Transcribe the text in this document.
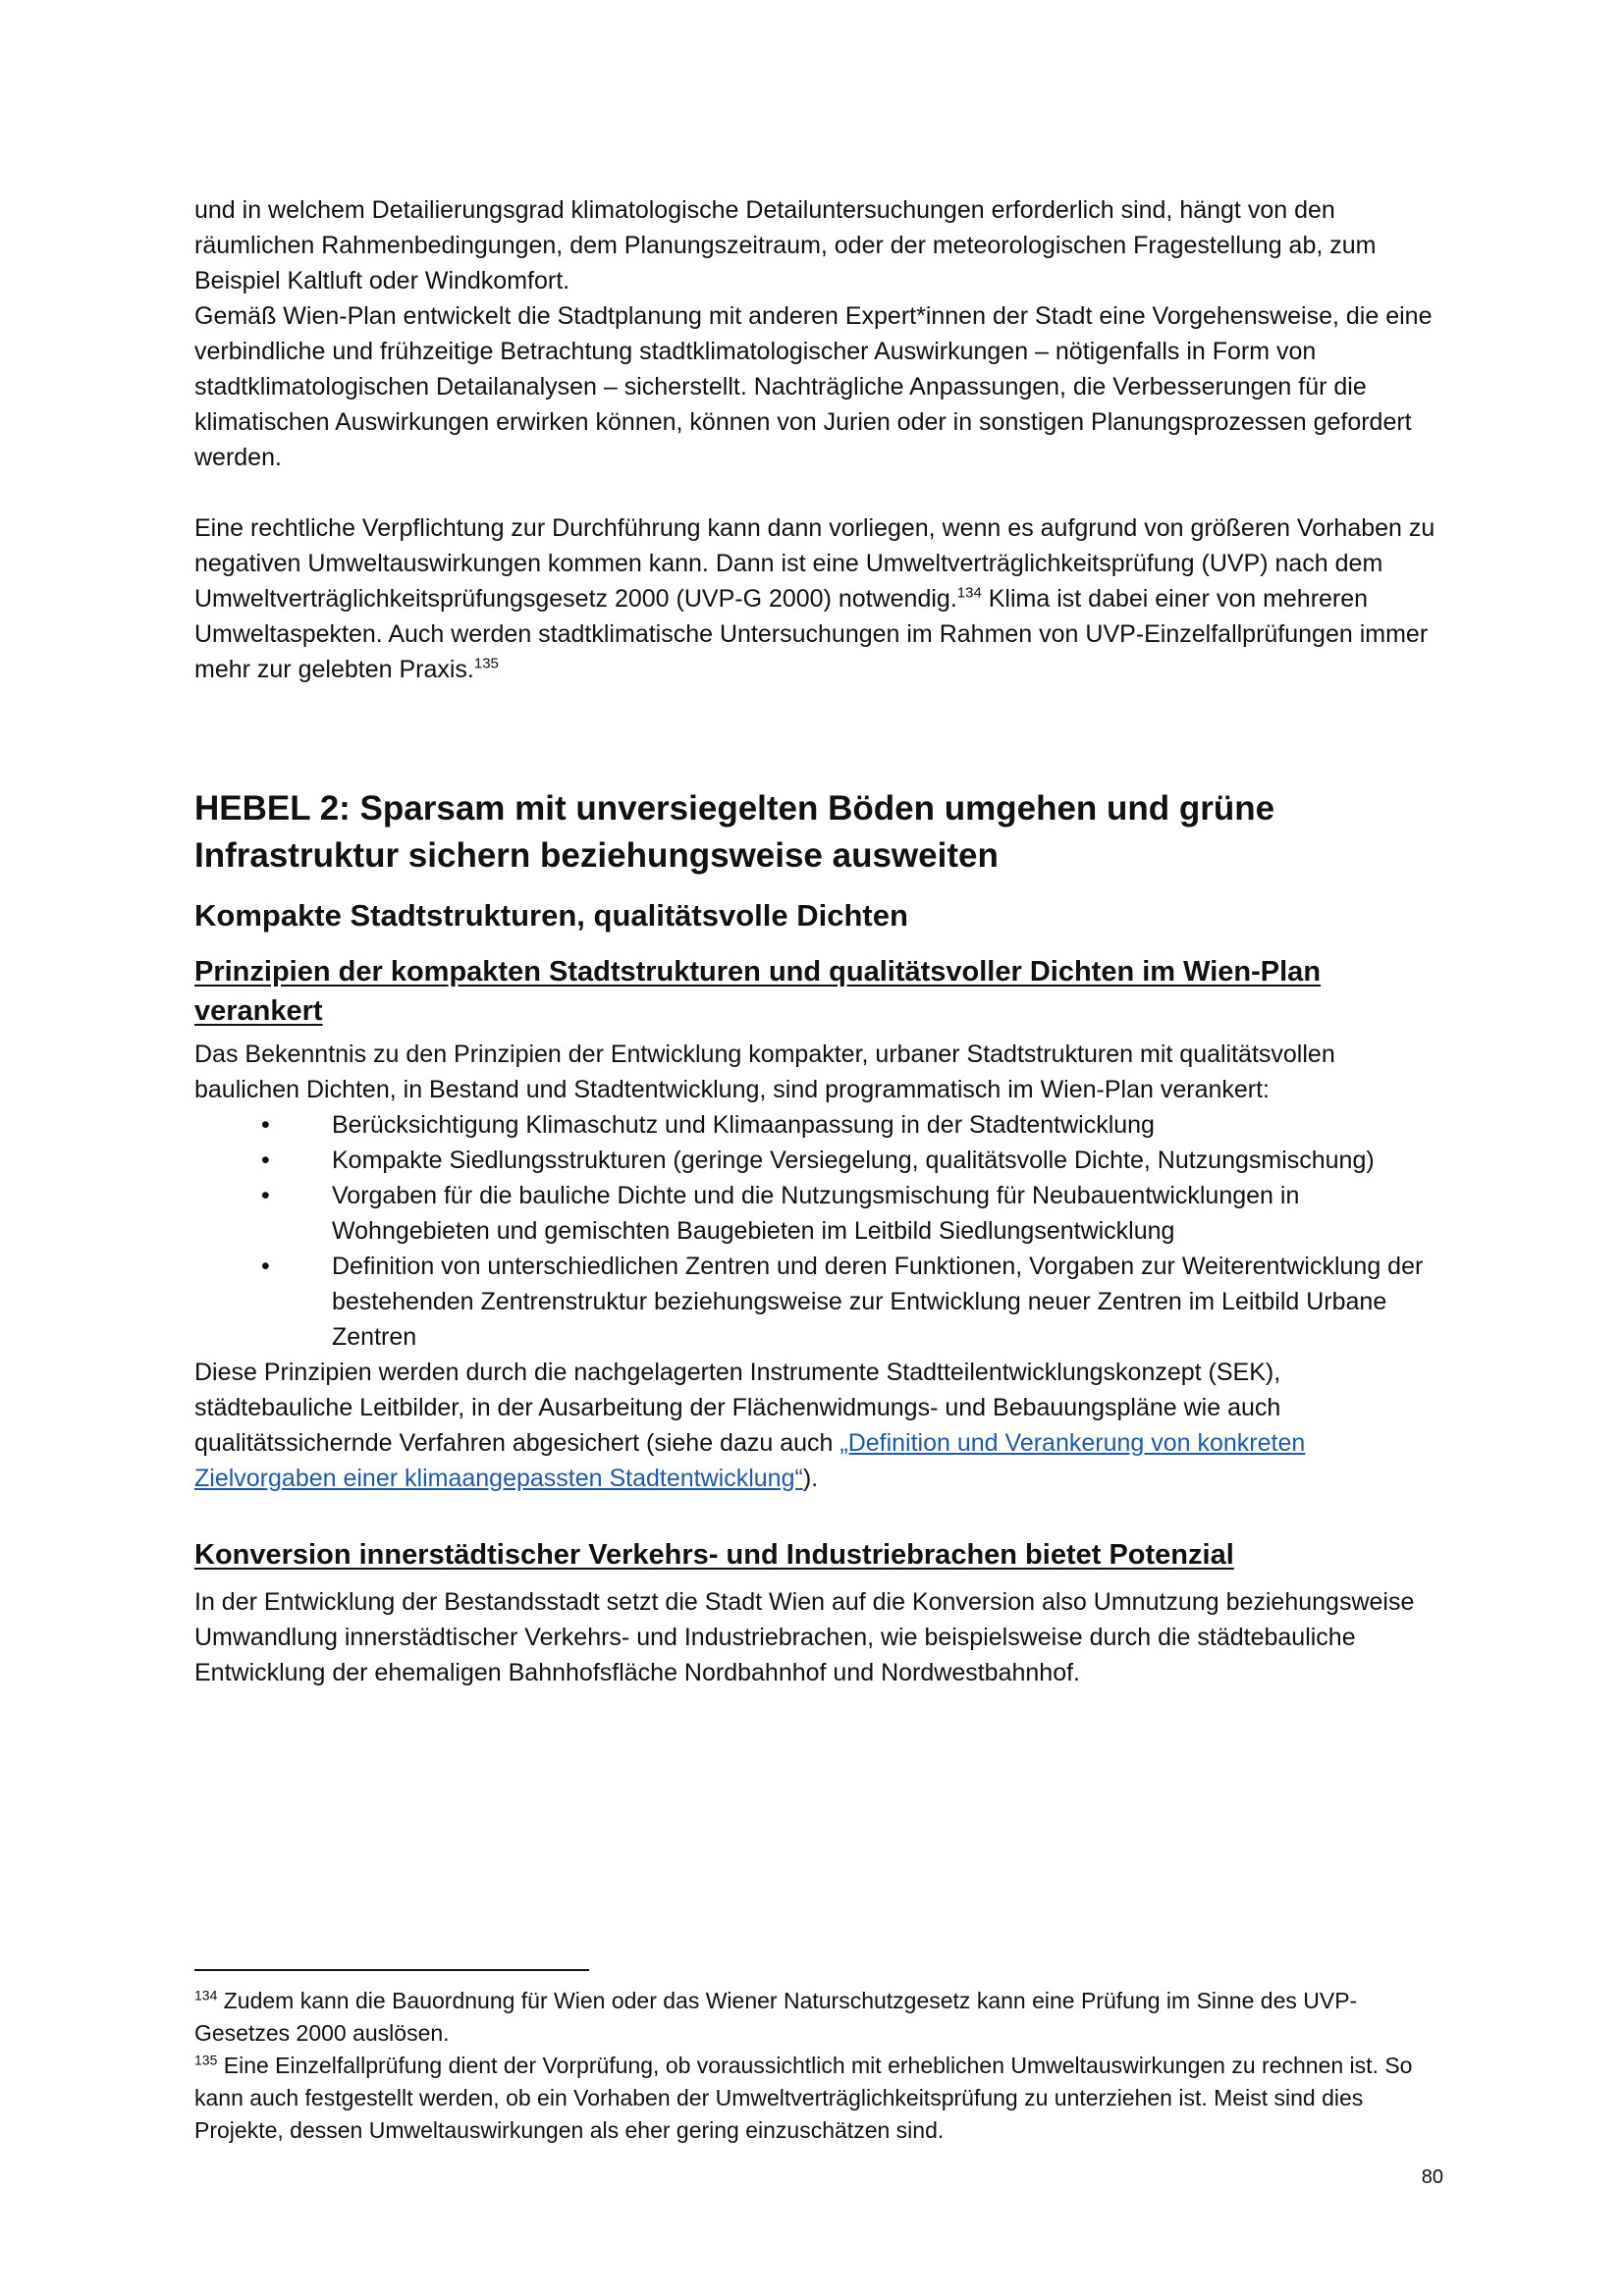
und in welchem Detailierungsgrad klimatologische Detailuntersuchungen erforderlich sind, hängt von den räumlichen Rahmenbedingungen, dem Planungszeitraum, oder der meteorologischen Fragestellung ab, zum Beispiel Kaltluft oder Windkomfort.

Gemäß Wien-Plan entwickelt die Stadtplanung mit anderen Expert*innen der Stadt eine Vorgehensweise, die eine verbindliche und frühzeitige Betrachtung stadtklimatologischer Auswirkungen – nötigenfalls in Form von stadtklimatologischen Detailanalysen – sicherstellt. Nachträgliche Anpassungen, die Verbesserungen für die klimatischen Auswirkungen erwirken können, können von Jurien oder in sonstigen Planungsprozessen gefordert werden.

Eine rechtliche Verpflichtung zur Durchführung kann dann vorliegen, wenn es aufgrund von größeren Vorhaben zu negativen Umweltauswirkungen kommen kann. Dann ist eine Umweltverträglichkeitsprüfung (UVP) nach dem Umweltverträglichkeitsprüfungsgesetz 2000 (UVP-G 2000) notwendig.$^{134}$ Klima ist dabei einer von mehreren Umweltaspekten. Auch werden stadtklimatische Untersuchungen im Rahmen von UVP-Einzelfallprüfungen immer mehr zur gelebten Praxis.$^{135}$

HEBEL 2: Sparsam mit unversiegelten Böden umgehen und grüne
Infrastruktur sichern beziehungsweise ausweiten
Kompakte Stadtstrukturen, qualitätsvolle Dichten
Prinzipien der kompakten Stadtstrukturen und qualitätsvoller Dichten im Wien-Plan
verankert

Das Bekenntnis zu den Prinzipien der Entwicklung kompakter, urbaner Stadtstrukturen mit qualitätsvollen baulichen Dichten, in Bestand und Stadtentwicklung, sind programmatisch im Wien-Plan verankert:

•	Berücksichtigung Klimaschutz und Klimaanpassung in der Stadtentwicklung
•	Kompakte Siedlungsstrukturen (geringe Versiegelung, qualitätsvolle Dichte, Nutzungsmischung)
•	Vorgaben für die bauliche Dichte und die Nutzungsmischung für Neubauentwicklungen in Wohngebieten und gemischten Baugebieten im Leitbild Siedlungsentwicklung
•	Definition von unterschiedlichen Zentren und deren Funktionen, Vorgaben zur Weiterentwicklung der bestehenden Zentrenstruktur beziehungsweise zur Entwicklung neuer Zentren im Leitbild Urbane Zentren

Diese Prinzipien werden durch die nachgelagerten Instrumente Stadtteilentwicklungskonzept (SEK), städtebauliche Leitbilder, in der Ausarbeitung der Flächenwidmungs- und Bebauungspläne wie auch qualitätssichernde Verfahren abgesichert (siehe dazu auch „Definition und Verankerung von konkreten Zielvorgaben einer klimaangepassten Stadtentwicklung“).

Konversion innerstädtischer Verkehrs- und Industriebrachen bietet Potenzial

In der Entwicklung der Bestandsstadt setzt die Stadt Wien auf die Konversion also Umnutzung beziehungsweise Umwandlung innerstädtischer Verkehrs- und Industriebrachen, wie beispielsweise durch die städtebauliche Entwicklung der ehemaligen Bahnhofsfläche Nordbahnhof und Nordwestbahnhof.

$^{134}$ Zudem kann die Bauordnung für Wien oder das Wiener Naturschutzgesetz kann eine Prüfung im Sinne des UVP-Gesetzes 2000 auslösen.

$^{135}$ Eine Einzelfallprüfung dient der Vorprüfung, ob voraussichtlich mit erheblichen Umweltauswirkungen zu rechnen ist. So kann auch festgestellt werden, ob ein Vorhaben der Umweltverträglichkeitsprüfung zu unterziehen ist. Meist sind dies Projekte, dessen Umweltauswirkungen als eher gering einzuschätzen sind.

80
